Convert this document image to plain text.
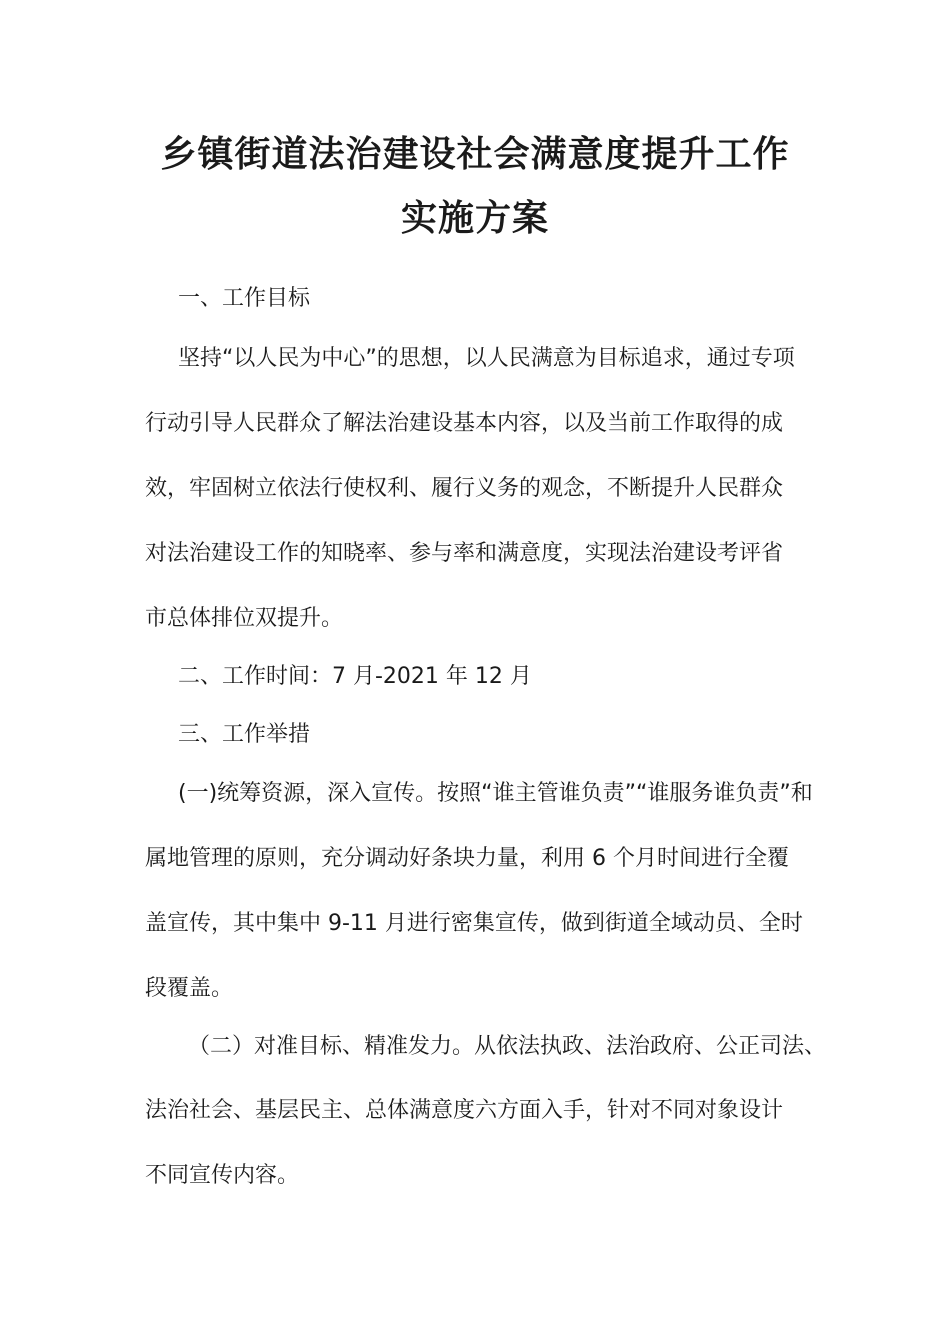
乡镇街道法治建设社会满意度提升工作
实施方案
一、工作目标
坚持“以人民为中心”的思想，以人民满意为目标追求，通过专项
行动引导人民群众了解法治建设基本内容，以及当前工作取得的成
效，牢固树立依法行使权利、履行义务的观念，不断提升人民群众
对法治建设工作的知晓率、参与率和满意度，实现法治建设考评省
市总体排位双提升。
二、工作时间：7 月-2021 年 12 月
三、工作举措
(一)统筹资源，深入宣传。按照“谁主管谁负责”“谁服务谁负责”和
属地管理的原则，充分调动好条块力量，利用 6 个月时间进行全覆
盖宣传，其中集中 9-11 月进行密集宣传，做到街道全域动员、全时
段覆盖。
（二）对准目标、精准发力。从依法执政、法治政府、公正司法、
法治社会、基层民主、总体满意度六方面入手，针对不同对象设计
不同宣传内容。
